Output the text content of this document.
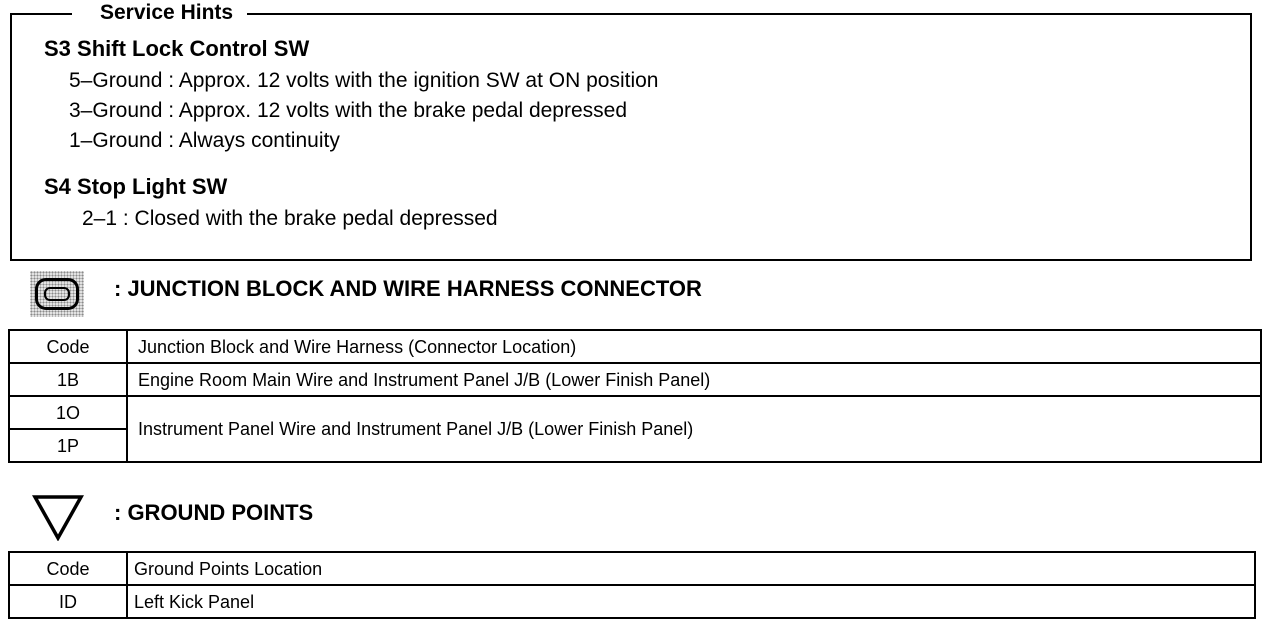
Service Hints
S3 Shift Lock Control SW
5–Ground : Approx. 12 volts with the ignition SW at ON position
3–Ground : Approx. 12 volts with the brake pedal depressed
1–Ground : Always continuity
S4 Stop Light SW
2–1 : Closed with the brake pedal depressed
: JUNCTION BLOCK AND WIRE HARNESS CONNECTOR
Code	Junction Block and Wire Harness (Connector Location)
1B	Engine Room Main Wire and Instrument Panel J/B (Lower Finish Panel)
1O	Instrument Panel Wire and Instrument Panel J/B (Lower Finish Panel)
1P	
: GROUND POINTS
Code	Ground Points Location
ID	Left Kick Panel
